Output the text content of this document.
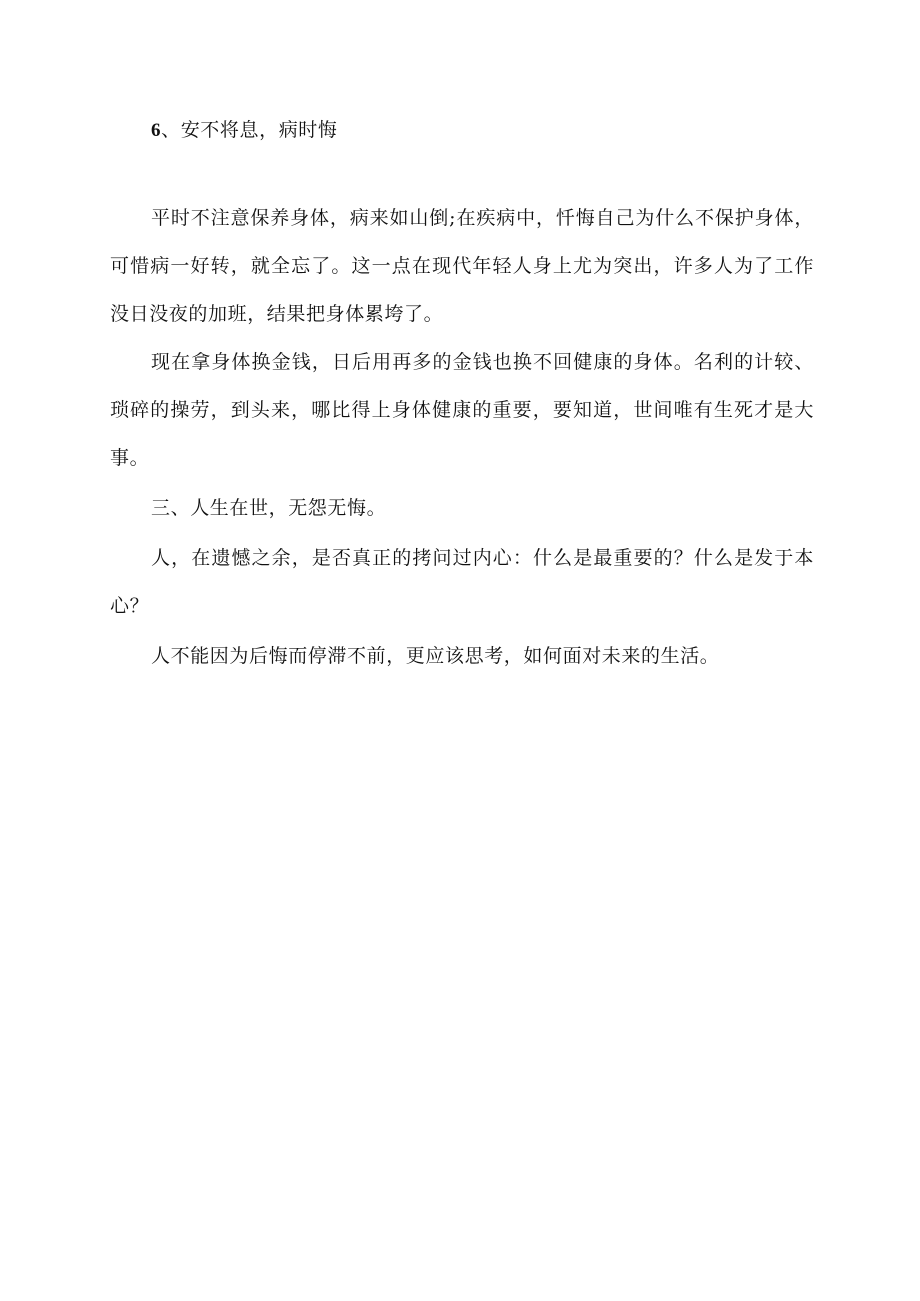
6、安不将息，病时悔
平时不注意保养身体，病来如山倒;在疾病中，忏悔自己为什么不保护身体，可惜病一好转，就全忘了。这一点在现代年轻人身上尤为突出，许多人为了工作没日没夜的加班，结果把身体累垮了。
现在拿身体换金钱，日后用再多的金钱也换不回健康的身体。名利的计较、琐碎的操劳，到头来，哪比得上身体健康的重要，要知道，世间唯有生死才是大事。
三、人生在世，无怨无悔。
人，在遗憾之余，是否真正的拷问过内心：什么是最重要的？什么是发于本心？
人不能因为后悔而停滞不前，更应该思考，如何面对未来的生活。
